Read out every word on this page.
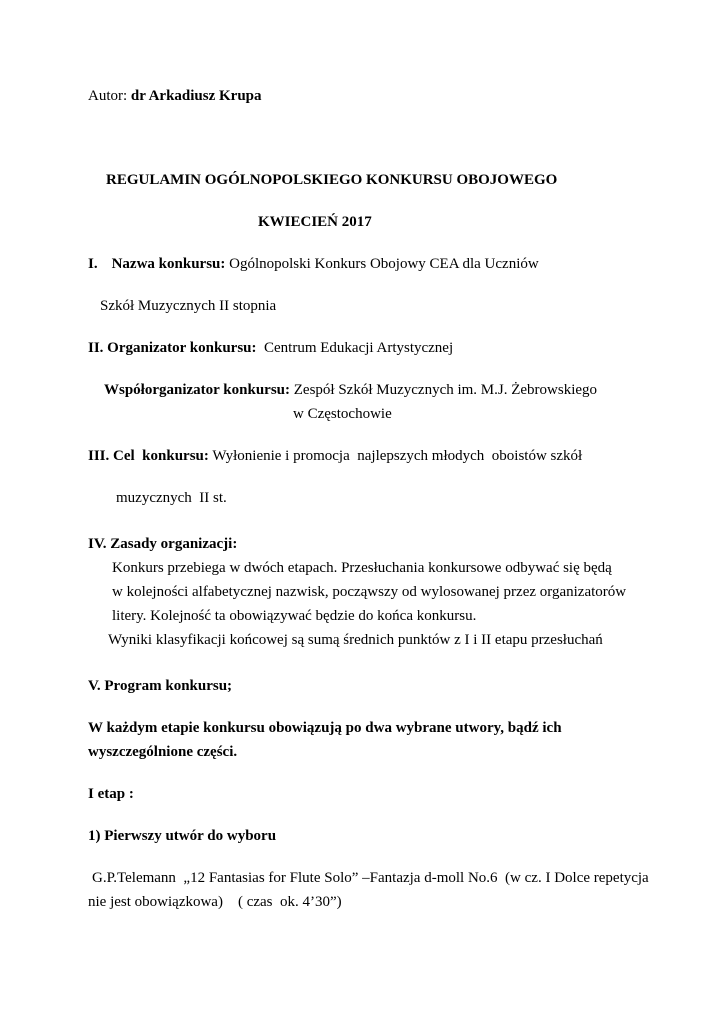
Autor: dr Arkadiusz Krupa
REGULAMIN OGÓLNOPOLSKIEGO KONKURSU OBOJOWEGO
KWIECIEŃ 2017
I. Nazwa konkursu: Ogólnopolski Konkurs Obojowy CEA dla Uczniów
Szkół Muzycznych II stopnia
II. Organizator konkursu:  Centrum Edukacji Artystycznej
Współorganizator konkursu: Zespół Szkół Muzycznych im. M.J. Żebrowskiego
w Częstochowie
III. Cel  konkursu: Wyłonienie i promocja  najlepszych młodych  oboistów szkół
muzycznych  II st.
IV. Zasady organizacji:
Konkurs przebiega w dwóch etapach. Przesłuchania konkursowe odbywać się będą
w kolejności alfabetycznej nazwisk, począwszy od wylosowanej przez organizatorów
litery. Kolejność ta obowiązywać będzie do końca konkursu.
Wyniki klasyfikacji końcowej są sumą średnich punktów z I i II etapu przesłuchań
V. Program konkursu;
W każdym etapie konkursu obowiązują po dwa wybrane utwory, bądź ich
wyszczególnione części.
I etap :
1) Pierwszy utwór do wyboru
G.P.Telemann  „12 Fantasias for Flute Solo” –Fantazja d-moll No.6  (w cz. I Dolce repetycja
nie jest obowiązkowa)    ( czas  ok. 4’30”)
